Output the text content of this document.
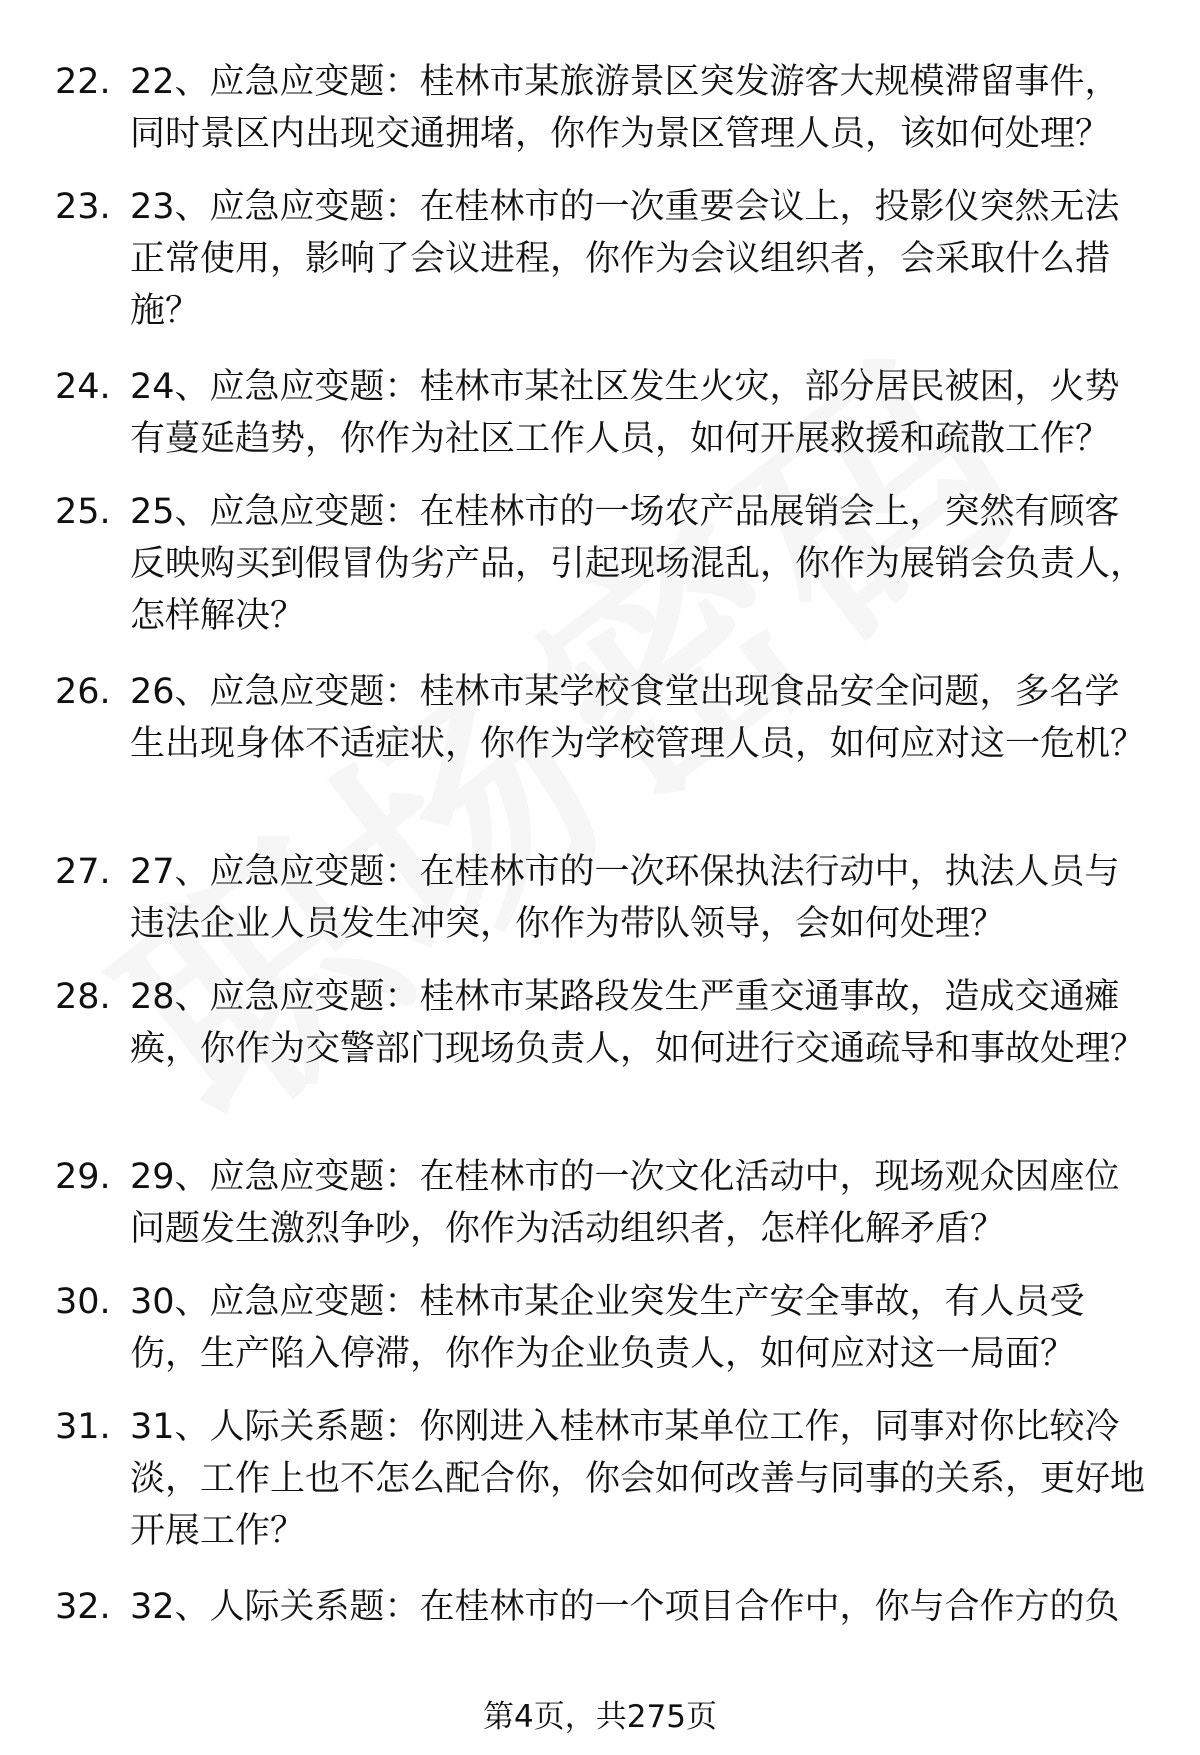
22. 22、应急应变题：桂林市某旅游景区突发游客大规模滞留事件，同时景区内出现交通拥堵，你作为景区管理人员，该如何处理？
23. 23、应急应变题：在桂林市的一次重要会议上，投影仪突然无法正常使用，影响了会议进程，你作为会议组织者，会采取什么措施？
24. 24、应急应变题：桂林市某社区发生火灾，部分居民被困，火势有蔓延趋势，你作为社区工作人员，如何开展救援和疏散工作？
25. 25、应急应变题：在桂林市的一场农产品展销会上，突然有顾客反映购买到假冒伪劣产品，引起现场混乱，你作为展销会负责人，怎样解决？
26. 26、应急应变题：桂林市某学校食堂出现食品安全问题，多名学生出现身体不适症状，你作为学校管理人员，如何应对这一危机？
27. 27、应急应变题：在桂林市的一次环保执法行动中，执法人员与违法企业人员发生冲突，你作为带队领导，会如何处理？
28. 28、应急应变题：桂林市某路段发生严重交通事故，造成交通瘫痪，你作为交警部门现场负责人，如何进行交通疏导和事故处理？
29. 29、应急应变题：在桂林市的一次文化活动中，现场观众因座位问题发生激烈争吵，你作为活动组织者，怎样化解矛盾？
30. 30、应急应变题：桂林市某企业突发生产安全事故，有人员受伤，生产陷入停滞，你作为企业负责人，如何应对这一局面？
31. 31、人际关系题：你刚进入桂林市某单位工作，同事对你比较冷淡，工作上也不怎么配合你，你会如何改善与同事的关系，更好地开展工作？
32. 32、人际关系题：在桂林市的一个项目合作中，你与合作方的负
第4页，共275页
